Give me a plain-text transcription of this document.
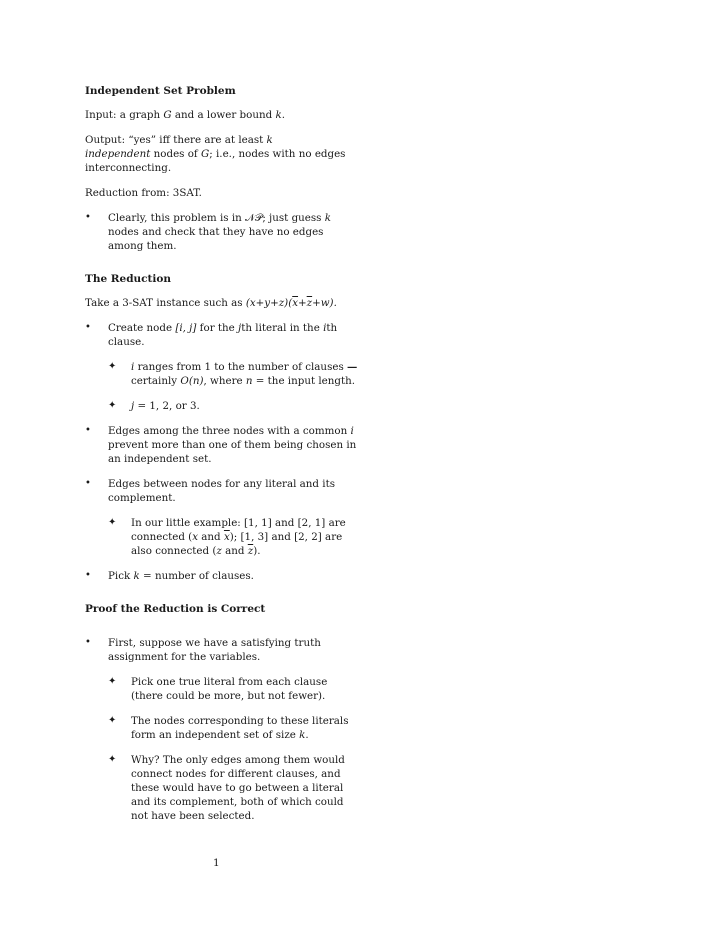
Independent Set Problem
Input: a graph G and a lower bound k.
Output: “yes” iff there are at least k
independent nodes of G; i.e., nodes with no edges interconnecting.
Reduction from: 3SAT.
• Clearly, this problem is in 𝒩𝒫; just guess k nodes and check that they have no edges among them.
The Reduction
Take a 3-SAT instance such as $(x+y+z)(\overline{x}+\overline{z}+w)$.
• Create node [i, j] for the jth literal in the ith clause.
✦ i ranges from 1 to the number of clauses — certainly O(n), where n = the input length.
✦ j = 1, 2, or 3.
• Edges among the three nodes with a common i prevent more than one of them being chosen in an independent set.
• Edges between nodes for any literal and its complement.
✦ In our little example: [1, 1] and [2, 1] are connected (x and $\overline{x}$); [1, 3] and [2, 2] are also connected (z and $\overline{z}$).
• Pick k = number of clauses.
Proof the Reduction is Correct
• First, suppose we have a satisfying truth assignment for the variables.
✦ Pick one true literal from each clause (there could be more, but not fewer).
✦ The nodes corresponding to these literals form an independent set of size k.
✦ Why? The only edges among them would connect nodes for different clauses, and these would have to go between a literal and its complement, both of which could not have been selected.
1
